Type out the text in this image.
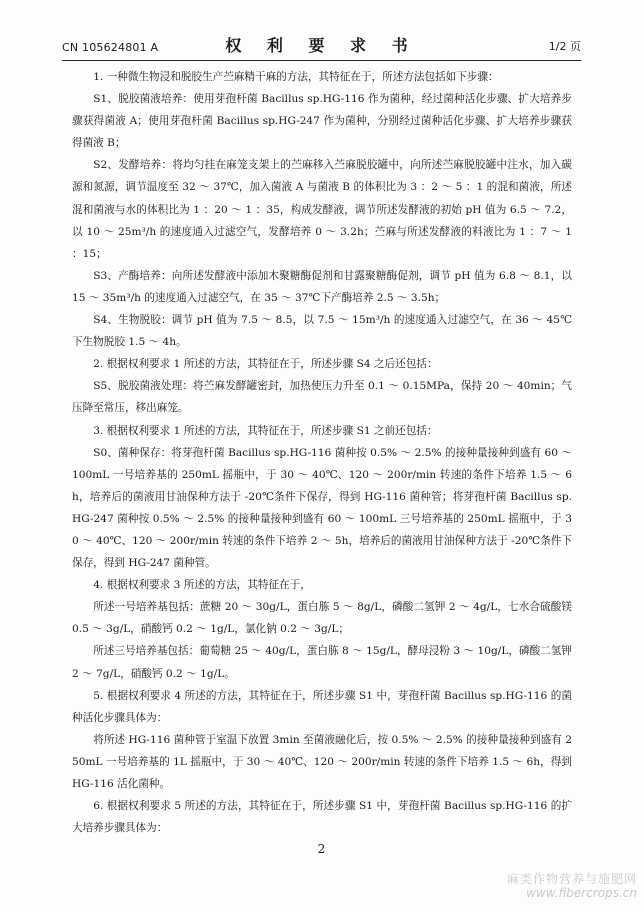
CN 105624801 A	权 利 要 求 书	1/2 页

1. 一种微生物浸和脱胶生产苎麻精干麻的方法，其特征在于，所述方法包括如下步骤：

S1、脱胶菌液培养：使用芽孢杆菌 Bacillus sp.HG-116 作为菌种，经过菌种活化步骤、扩大培养步骤获得菌液 A；使用芽孢杆菌 Bacillus sp.HG-247 作为菌种，分别经过菌种活化步骤、扩大培养步骤获得菌液 B；

S2、发酵培养：将均匀挂在麻笼支架上的苎麻移入苎麻脱胶罐中，向所述苎麻脱胶罐中注水，加入碳源和氮源，调节温度至 32 ～ 37℃，加入菌液 A 与菌液 B 的体积比为 3 ：2 ～ 5 ：1 的混和菌液，所述混和菌液与水的体积比为 1 ：20 ～ 1 ：35，构成发酵液，调节所述发酵液的初始 pH 值为 6.5 ～ 7.2，以 10 ～ 25m³/h 的速度通入过滤空气，发酵培养 0 ～ 3.2h；苎麻与所述发酵液的料液比为 1 ：7 ～ 1 ：15；

S3、产酶培养：向所述发酵液中添加木聚糖酶促剂和甘露聚糖酶促剂，调节 pH 值为 6.8 ～ 8.1，以 15 ～ 35m³/h 的速度通入过滤空气，在 35 ～ 37℃下产酶培养 2.5 ～ 3.5h；

S4、生物脱胶：调节 pH 值为 7.5 ～ 8.5，以 7.5 ～ 15m³/h 的速度通入过滤空气，在 36 ～ 45℃下生物脱胶 1.5 ～ 4h。

2. 根据权利要求 1 所述的方法，其特征在于，所述步骤 S4 之后还包括：

S5、脱胶菌液处理：将苎麻发酵罐密封，加热使压力升至 0.1 ～ 0.15MPa，保持 20 ～ 40min；气压降至常压，移出麻笼。

3. 根据权利要求 1 所述的方法，其特征在于，所述步骤 S1 之前还包括：

S0、菌种保存：将芽孢杆菌 Bacillus sp.HG-116 菌种按 0.5% ～ 2.5% 的接种量接种到盛有 60 ～ 100mL 一号培养基的 250mL 摇瓶中，于 30 ～ 40℃、120 ～ 200r/min 转速的条件下培养 1.5 ～ 6h，培养后的菌液用甘油保种方法于 -20℃条件下保存，得到 HG-116 菌种管；将芽孢杆菌 Bacillus sp.HG-247 菌种按 0.5% ～ 2.5% 的接种量接种到盛有 60 ～ 100mL 三号培养基的 250mL 摇瓶中，于 30 ～ 40℃、120 ～ 200r/min 转速的条件下培养 2 ～ 5h，培养后的菌液用甘油保种方法于 -20℃条件下保存，得到 HG-247 菌种管。

4. 根据权利要求 3 所述的方法，其特征在于，

所述一号培养基包括：蔗糖 20 ～ 30g/L，蛋白胨 5 ～ 8g/L，磷酸二氢钾 2 ～ 4g/L，七水合硫酸镁 0.5 ～ 3g/L，硝酸钙 0.2 ～ 1g/L，氯化钠 0.2 ～ 3g/L；

所述三号培养基包括：葡萄糖 25 ～ 40g/L，蛋白胨 8 ～ 15g/L，酵母浸粉 3 ～ 10g/L，磷酸二氢钾 2 ～ 7g/L，硝酸钙 0.2 ～ 1g/L。

5. 根据权利要求 4 所述的方法，其特征在于，所述步骤 S1 中，芽孢杆菌 Bacillus sp.HG-116 的菌种活化步骤具体为：

将所述 HG-116 菌种管于室温下放置 3min 至菌液融化后，按 0.5% ～ 2.5% 的接种量接种到盛有 250mL 一号培养基的 1L 摇瓶中，于 30 ～ 40℃、120 ～ 200r/min 转速的条件下培养 1.5 ～ 6h，得到 HG-116 活化菌种。

6. 根据权利要求 5 所述的方法，其特征在于，所述步骤 S1 中，芽孢杆菌 Bacillus sp.HG-116 的扩大培养步骤具体为：

2
麻类作物营养与施肥网
www.fibercrops.cn
